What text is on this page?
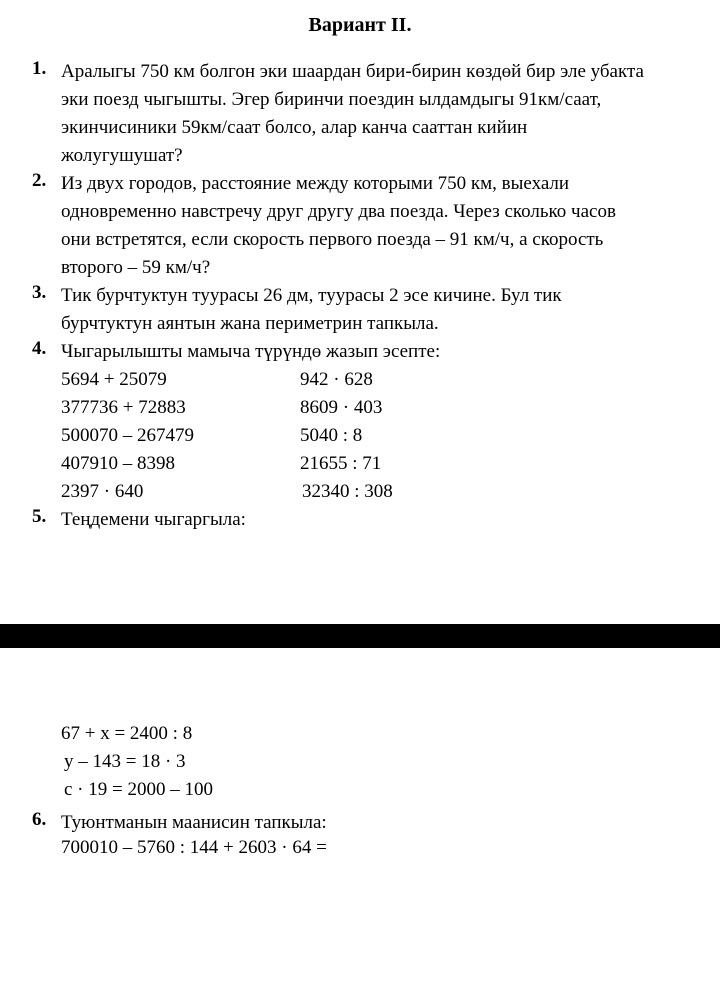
Вариант II.
1. Аралыгы 750 км болгон эки шаардан бири-бирин көздөй бир эле убакта
эки поезд чыгышты. Эгер биринчи поездин ылдамдыгы 91км/саат,
экинчисиники 59км/саат болсо, алар канча сааттан кийин
жолугушушат?
2. Из двух городов, расстояние между которыми 750 км, выехали
одновременно навстречу друг другу два поезда. Через сколько часов
они встретятся, если скорость первого поезда – 91 км/ч, а скорость
второго – 59 км/ч?
3. Тик бурчтуктун туурасы 26 дм, туурасы 2 эсе кичине. Бул тик
бурчтуктун аянтын жана периметрин тапкыла.
4. Чыгарылышты мамыча түрүндө жазып эсепте:
5694 + 25079	942 · 628
377736 + 72883	8609 · 403
500070 – 267479	5040 : 8
407910 – 8398	21655 : 71
2397 · 640	32340 : 308
5. Теңдемени чыгаргыла:
67 + x = 2400 : 8
y – 143 = 18 · 3
c · 19 = 2000 – 100
6. Туюнтманын маанисин тапкыла:
700010 – 5760 : 144 + 2603 · 64 =
